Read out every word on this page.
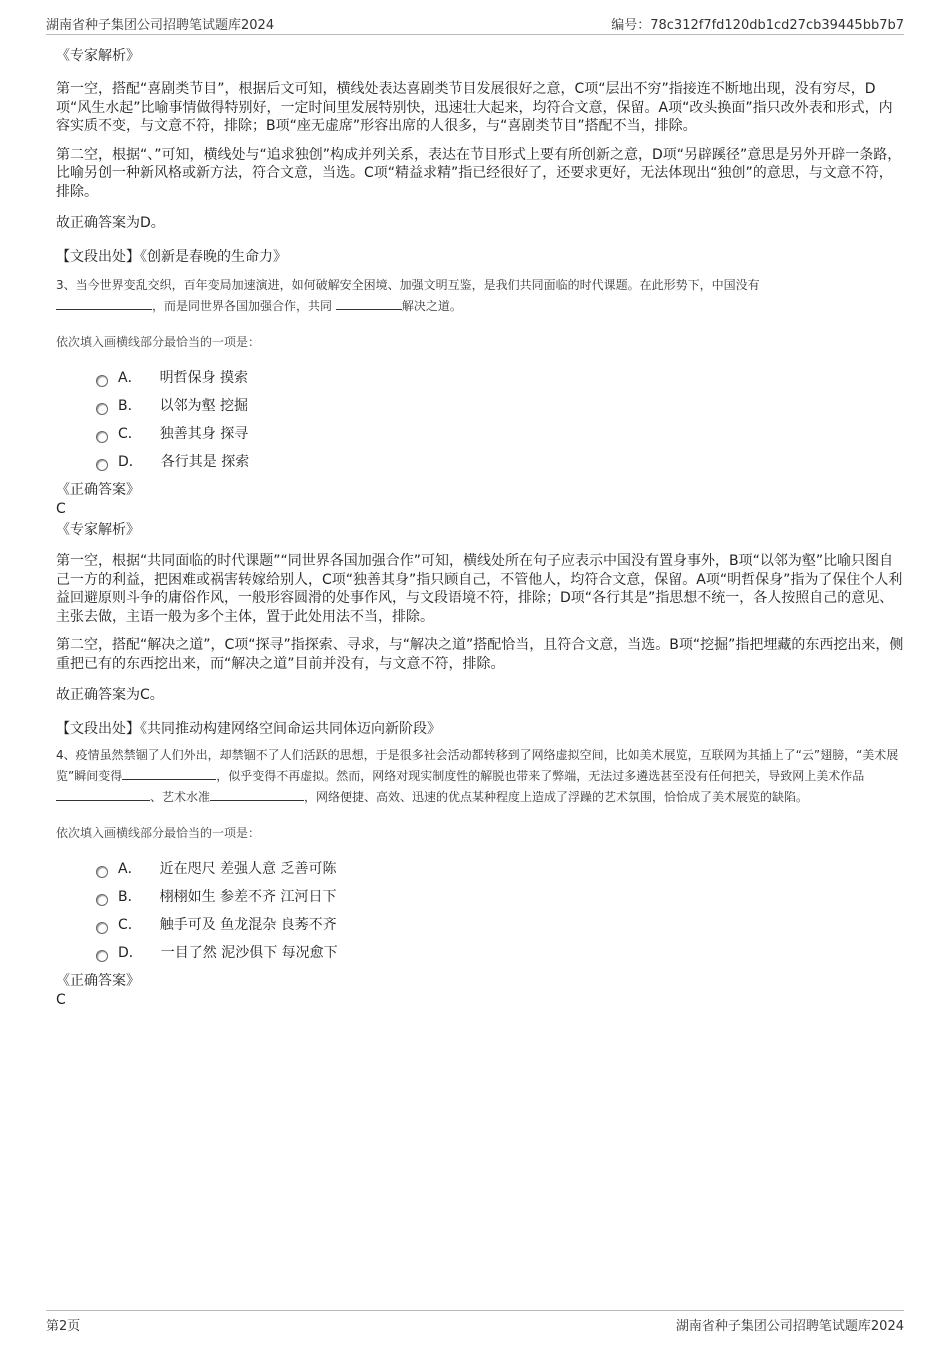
湖南省种子集团公司招聘笔试题库2024	编号：78c312f7fd120db1cd27cb39445bb7b7

《专家解析》

第一空，搭配“喜剧类节目”，根据后文可知，横线处表达喜剧类节目发展很好之意，C项“层出不穷”指接连不断地出现，没有穷尽，D项“风生水起”比喻事情做得特别好，一定时间里发展特别快，迅速壮大起来，均符合文意，保留。A项“改头换面”指只改外表和形式，内容实质不变，与文意不符，排除；B项“座无虚席”形容出席的人很多，与“喜剧类节目”搭配不当，排除。

第二空，根据“、”可知，横线处与“追求独创”构成并列关系，表达在节目形式上要有所创新之意，D项“另辟蹊径”意思是另外开辟一条路，比喻另创一种新风格或新方法，符合文意，当选。C项“精益求精”指已经很好了，还要求更好，无法体现出“独创”的意思，与文意不符，排除。

故正确答案为D。

【文段出处】《创新是春晚的生命力》

3、当今世界变乱交织，百年变局加速演进，如何破解安全困境、加强文明互鉴，是我们共同面临的时代课题。在此形势下，中国没有
，而是同世界各国加强合作，共同	解决之道。

依次填入画横线部分最恰当的一项是：

A． 明哲保身 摸索
B． 以邻为壑 挖掘
C． 独善其身 探寻
D． 各行其是 探索

《正确答案》

C

《专家解析》

第一空，根据“共同面临的时代课题”“同世界各国加强合作”可知，横线处所在句子应表示中国没有置身事外，B项“以邻为壑”比喻只图自己一方的利益，把困难或祸害转嫁给别人，C项“独善其身”指只顾自己，不管他人，均符合文意，保留。A项“明哲保身”指为了保住个人利益回避原则斗争的庸俗作风，一般形容圆滑的处事作风，与文段语境不符，排除；D项“各行其是”指思想不统一，各人按照自己的意见、主张去做，主语一般为多个主体，置于此处用法不当，排除。

第二空，搭配“解决之道”，C项“探寻”指探索、寻求，与“解决之道”搭配恰当，且符合文意，当选。B项“挖掘”指把埋藏的东西挖出来，侧重把已有的东西挖出来，而“解决之道”目前并没有，与文意不符，排除。

故正确答案为C。

【文段出处】《共同推动构建网络空间命运共同体迈向新阶段》

4、疫情虽然禁锢了人们外出，却禁锢不了人们活跃的思想，于是很多社会活动都转移到了网络虚拟空间，比如美术展览，互联网为其插上了“云”翅膀，“美术展览”瞬间变得	，似乎变得不再虚拟。然而，网络对现实制度性的解脱也带来了弊端，无法过多遴选甚至没有任何把关，导致网上美术作品、艺术水准	，网络便捷、高效、迅速的优点某种程度上造成了浮躁的艺术氛围，恰恰成了美术展览的缺陷。

依次填入画横线部分最恰当的一项是：

A． 近在咫尺 差强人意 乏善可陈
B． 栩栩如生 参差不齐 江河日下
C． 触手可及 鱼龙混杂 良莠不齐
D． 一目了然 泥沙俱下 每况愈下

《正确答案》

C

第2页	湖南省种子集团公司招聘笔试题库2024
